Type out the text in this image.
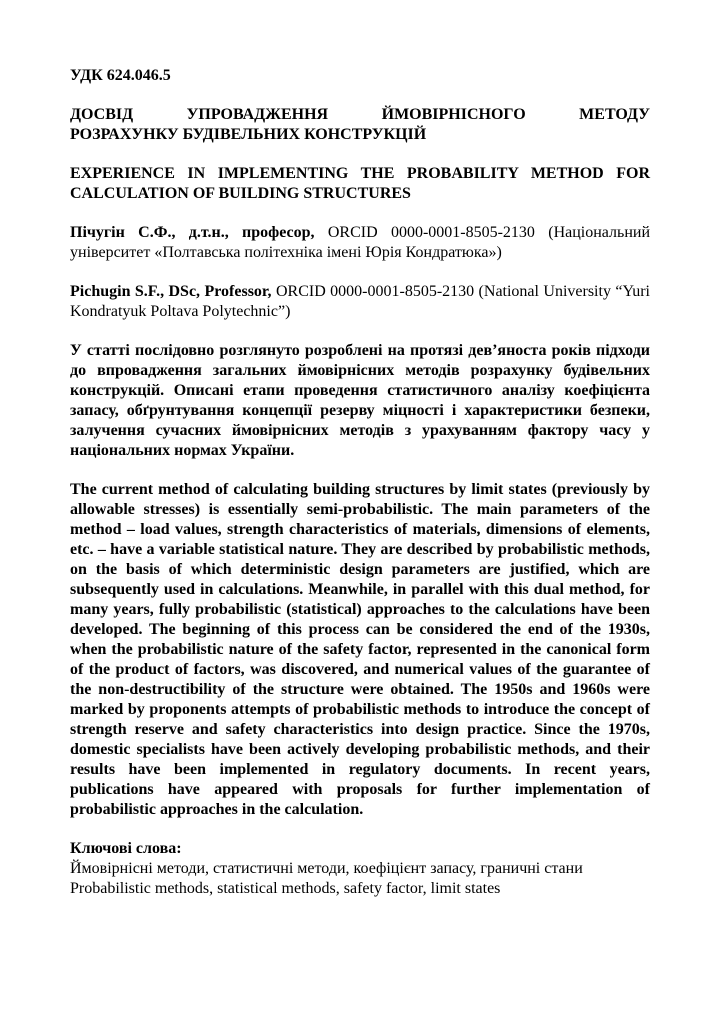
УДК 624.046.5

ДОСВІД УПРОВАДЖЕННЯ ЙМОВІРНІСНОГО МЕТОДУ
РОЗРАХУНКУ БУДІВЕЛЬНИХ КОНСТРУКЦІЙ
EXPERIENCE IN IMPLEMENTING THE PROBABILITY METHOD FOR
CALCULATION OF BUILDING STRUCTURES

Пічугін С.Ф., д.т.н., професор, ORCID 0000-0001-8505-2130 (Національний університет «Полтавська політехніка імені Юрія Кондратюка»)

Pichugin S.F., DSc, Professor, ORCID 0000-0001-8505-2130 (National University “Yuri Kondratyuk Poltava Polytechnic”)

У статті послідовно розглянуто розроблені на протязі дев’яноста років підходи до впровадження загальних ймовірнісних методів розрахунку будівельних конструкцій. Описані етапи проведення статистичного аналізу коефіцієнта запасу, обґрунтування концепції резерву міцності і характеристики безпеки, залучення сучасних ймовірнісних методів з урахуванням фактору часу у національних нормах України.

The current method of calculating building structures by limit states (previously by allowable stresses) is essentially semi-probabilistic. The main parameters of the method – load values, strength characteristics of materials, dimensions of elements, etc. – have a variable statistical nature. They are described by probabilistic methods, on the basis of which deterministic design parameters are justified, which are subsequently used in calculations. Meanwhile, in parallel with this dual method, for many years, fully probabilistic (statistical) approaches to the calculations have been developed. The beginning of this process can be considered the end of the 1930s, when the probabilistic nature of the safety factor, represented in the canonical form of the product of factors, was discovered, and numerical values of the guarantee of the non-destructibility of the structure were obtained. The 1950s and 1960s were marked by proponents attempts of probabilistic methods to introduce the concept of strength reserve and safety characteristics into design practice. Since the 1970s, domestic specialists have been actively developing probabilistic methods, and their results have been implemented in regulatory documents. In recent years, publications have appeared with proposals for further implementation of probabilistic approaches in the calculation.

Ключові слова:

Ймовірнісні методи, статистичні методи, коефіцієнт запасу, граничні стани

Probabilistic methods, statistical methods, safety factor, limit states
